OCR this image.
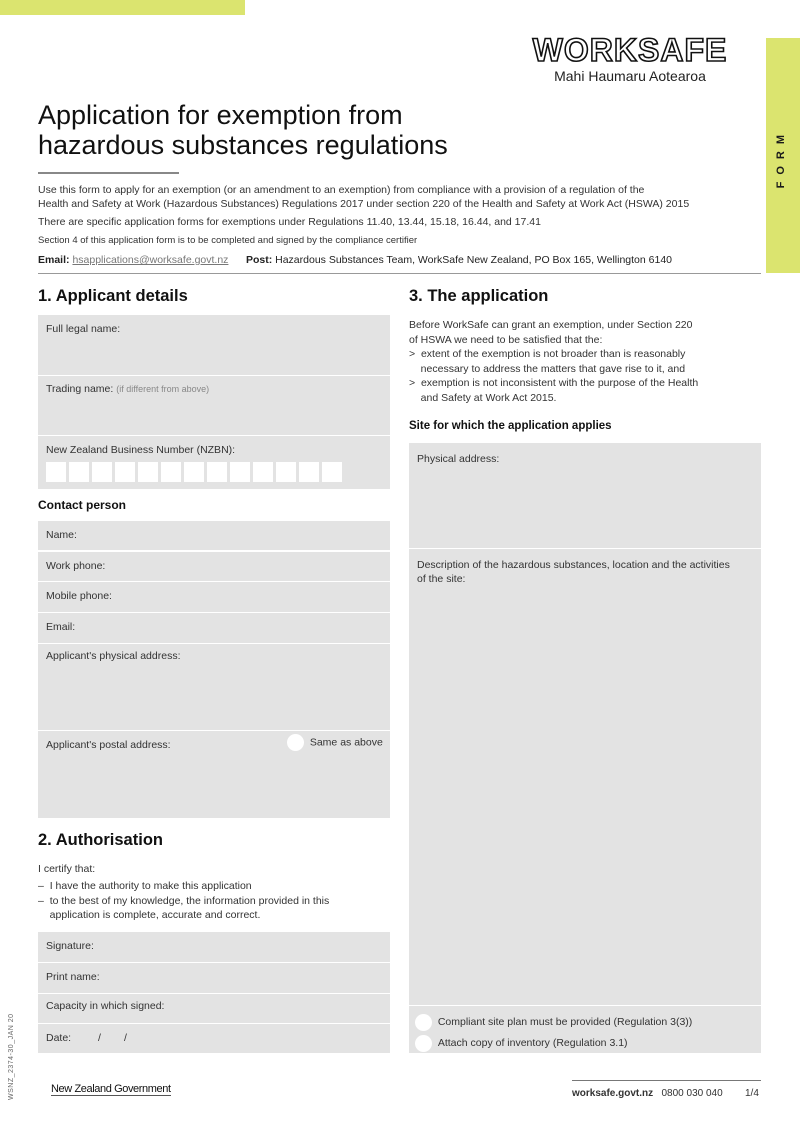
FORM
WORKSAFE
Mahi Haumaru Aotearoa
Application for exemption from
hazardous substances regulations
Use this form to apply for an exemption (or an amendment to an exemption) from compliance with a provision of a regulation of the
Health and Safety at Work (Hazardous Substances) Regulations 2017 under section 220 of the Health and Safety at Work Act (HSWA) 2015
There are specific application forms for exemptions under Regulations 11.40, 13.44, 15.18, 16.44, and 17.41
Section 4 of this application form is to be completed and signed by the compliance certifier
Email: hsapplications@worksafe.govt.nz Post: Hazardous Substances Team, WorkSafe New Zealand, PO Box 165, Wellington 6140
1. Applicant details
Full legal name:
Trading name: (if different from above)
New Zealand Business Number (NZBN):
Contact person
Name:
Work phone:
Mobile phone:
Email:
Applicant's physical address:
Applicant's postal address:	Same as above
2. Authorisation
I certify that:
–  I have the authority to make this application
–  to the best of my knowledge, the information provided in this
application is complete, accurate and correct.
Signature:
Print name:
Capacity in which signed:
Date:	/ /
3. The application
Before WorkSafe can grant an exemption, under Section 220
of HSWA we need to be satisfied that the:
>  extent of the exemption is not broader than is reasonably
necessary to address the matters that gave rise to it, and
>  exemption is not inconsistent with the purpose of the Health
and Safety at Work Act 2015.
Site for which the application applies
Physical address:
Description of the hazardous substances, location and the activities
of the site:
Compliant site plan must be provided (Regulation 3(3))
Attach copy of inventory (Regulation 3.1)
WSNZ_2374-30_JAN 20	New Zealand Government	worksafe.govt.nz 0800 030 040 1/4
